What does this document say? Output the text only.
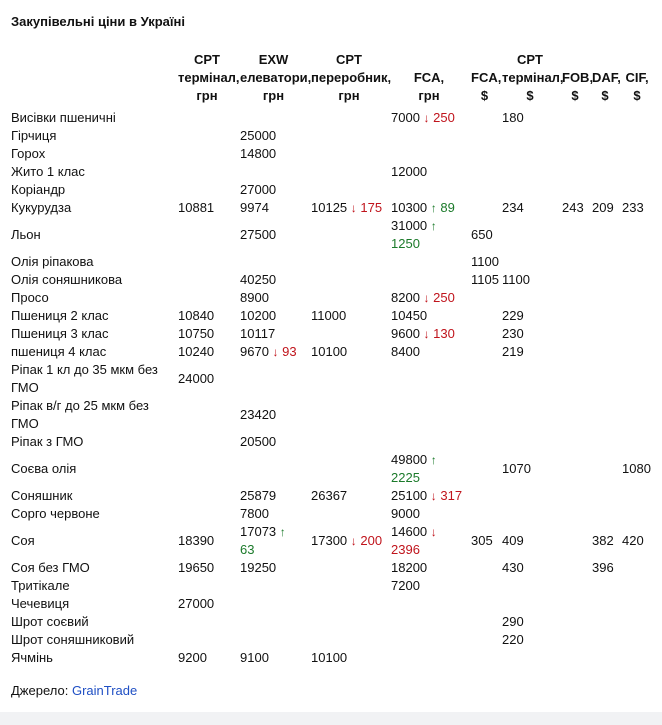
Закупівельні ціни в Україні
	CPT
термінал,
грн	EXW
елеватори,
грн	CPT
переробник,
грн	FCA,
грн	FCA,
$	CPT
термінал,
$	FOB,
$	DAF,
$	CIF,
$
Висівки пшеничні				7000 ↓ 250		180			
Гірчиця		25000							
Горох		14800							
Жито 1 клас				12000					
Коріандр		27000							
Кукурудза	10881	9974	10125 ↓ 175	10300 ↑ 89		234	243	209	233
Льон		27500		31000 ↑
1250	650				
Олія ріпакова					1100				
Олія соняшникова		40250			1105	1100			
Просо		8900		8200 ↓ 250					
Пшениця 2 клас	10840	10200	11000	10450		229			
Пшениця 3 клас	10750	10117		9600 ↓ 130		230			
пшениця 4 клас	10240	9670 ↓ 93	10100	8400		219			
Ріпак 1 кл до 35 мкм без ГМО	24000								
Ріпак в/г до 25 мкм без ГМО		23420							
Ріпак з ГМО		20500							
Соєва олія				49800 ↑
2225		1070			1080
Соняшник		25879	26367	25100 ↓ 317					
Сорго червоне		7800		9000					
Соя	18390	17073 ↑
63	17300 ↓ 200	14600 ↓
2396	305	409		382	420
Соя без ГМО	19650	19250		18200		430		396	
Тритікале				7200					
Чечевиця	27000								
Шрот соєвий						290			
Шрот соняшниковий						220			
Ячмінь	9200	9100	10100						
Джерело: GrainTrade
